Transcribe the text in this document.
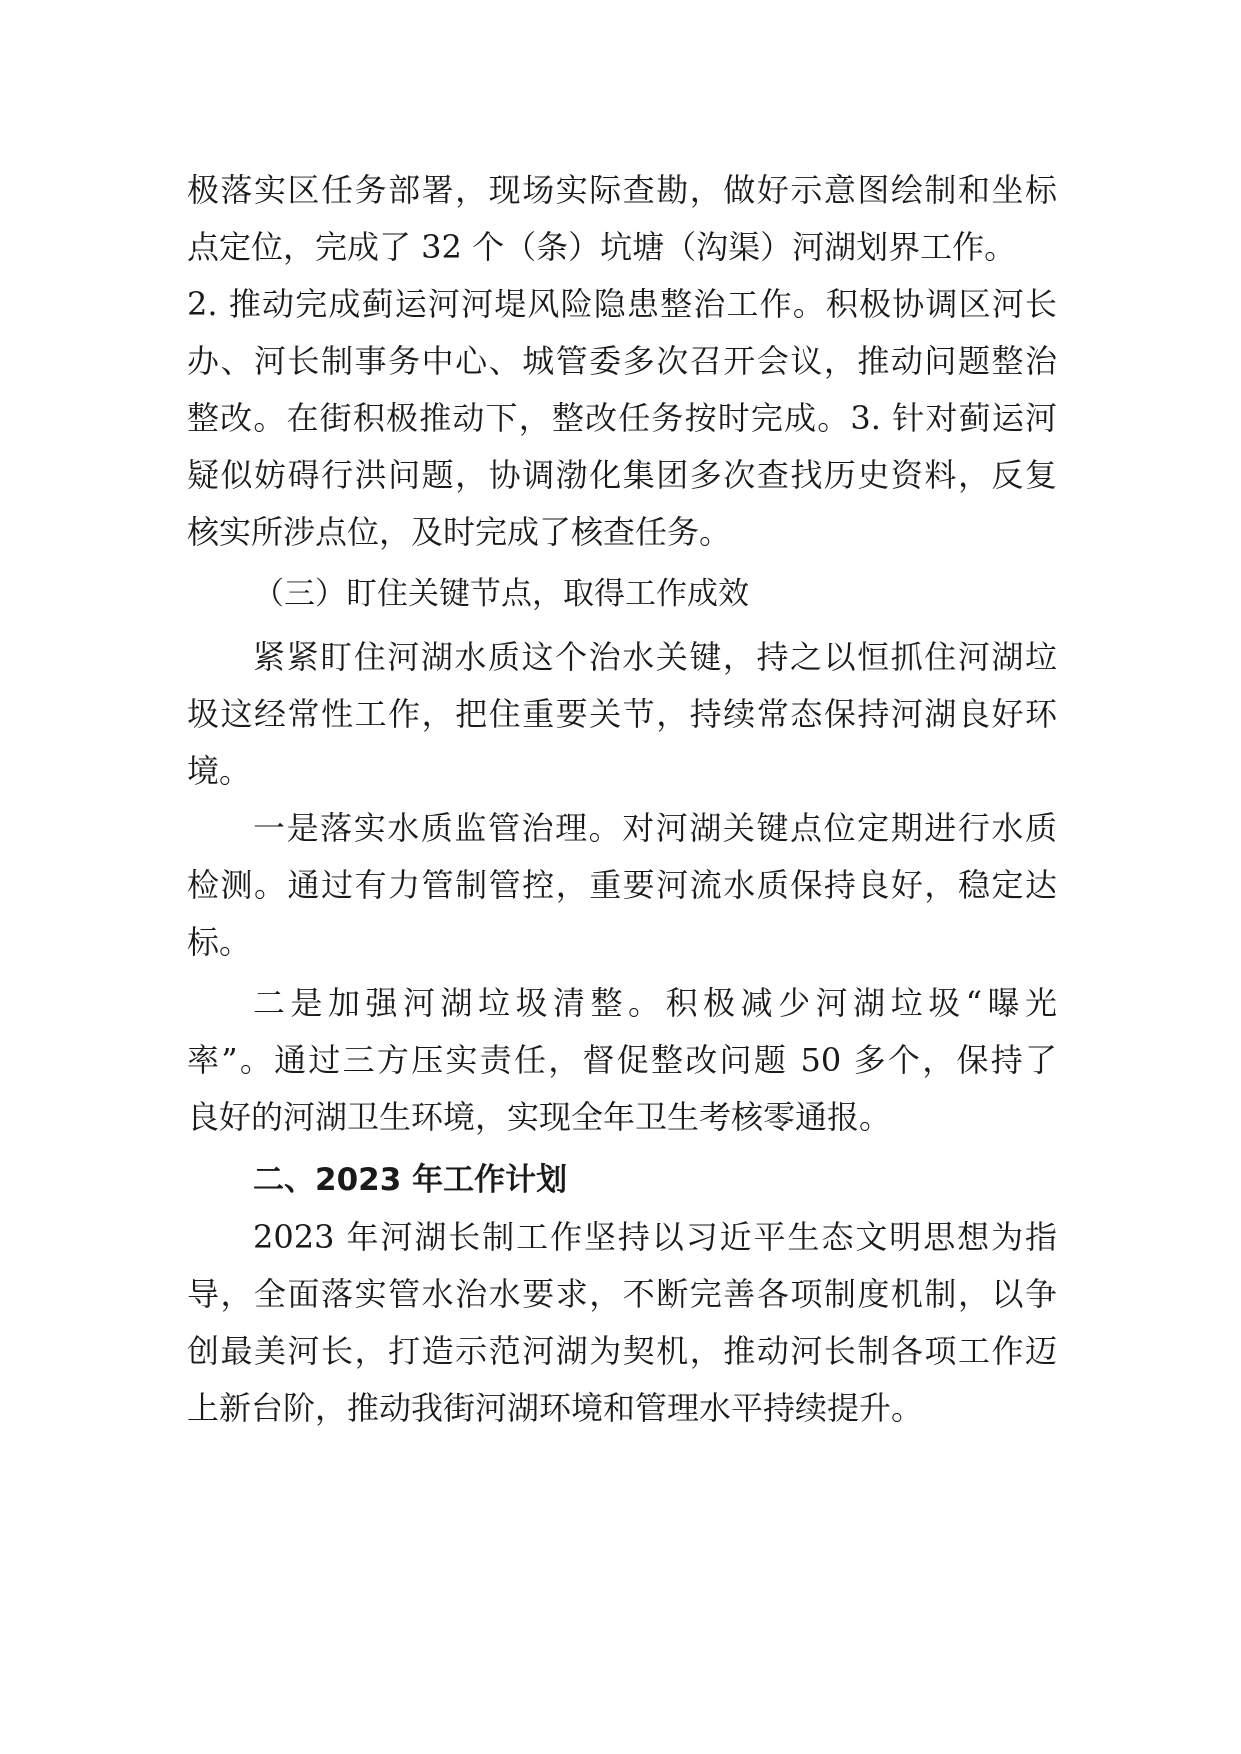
极落实区任务部署，现场实际查勘，做好示意图绘制和坐标
点定位，完成了 32 个（条）坑塘（沟渠）河湖划界工作。
2. 推动完成蓟运河河堤风险隐患整治工作。积极协调区河长
办、河长制事务中心、城管委多次召开会议，推动问题整治
整改。在街积极推动下，整改任务按时完成。3. 针对蓟运河
疑似妨碍行洪问题，协调渤化集团多次查找历史资料，反复
核实所涉点位，及时完成了核查任务。
（三）盯住关键节点，取得工作成效
紧紧盯住河湖水质这个治水关键，持之以恒抓住河湖垃
圾这经常性工作，把住重要关节，持续常态保持河湖良好环
境。
一是落实水质监管治理。对河湖关键点位定期进行水质
检测。通过有力管制管控，重要河流水质保持良好，稳定达
标。
二是加强河湖垃圾清整。积极减少河湖垃圾“曝光
率”。通过三方压实责任，督促整改问题 50 多个，保持了
良好的河湖卫生环境，实现全年卫生考核零通报。
二、2023 年工作计划
2023 年河湖长制工作坚持以习近平生态文明思想为指
导，全面落实管水治水要求，不断完善各项制度机制，以争
创最美河长，打造示范河湖为契机，推动河长制各项工作迈
上新台阶，推动我街河湖环境和管理水平持续提升。
